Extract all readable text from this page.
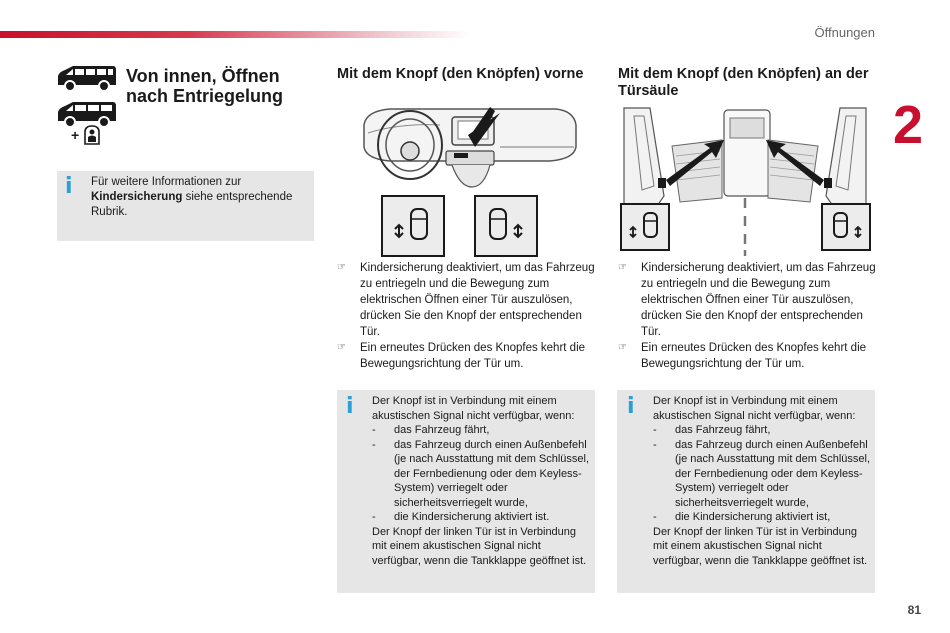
Öffnungen
2
81
+
Von innen, Öffnen nach Entriegelung
i Für weitere Informationen zur Kindersicherung siehe entsprechende Rubrik.
Mit dem Knopf (den Knöpfen) vorne
☞ Kindersicherung deaktiviert, um das Fahrzeug zu entriegeln und die Bewegung zum elektrischen Öffnen einer Tür auszulösen, drücken Sie den Knopf der entsprechenden Tür.
☞ Ein erneutes Drücken des Knopfes kehrt die Bewegungsrichtung der Tür um.
i Der Knopf ist in Verbindung mit einem akustischen Signal nicht verfügbar, wenn:
- das Fahrzeug fährt,
- das Fahrzeug durch einen Außenbefehl (je nach Ausstattung mit dem Schlüssel, der Fernbedienung oder dem Keyless-System) verriegelt oder sicherheitsverriegelt wurde,
- die Kindersicherung aktiviert ist.
Der Knopf der linken Tür ist in Verbindung mit einem akustischen Signal nicht verfügbar, wenn die Tankklappe geöffnet ist.
Mit dem Knopf (den Knöpfen) an der Türsäule
☞ Kindersicherung deaktiviert, um das Fahrzeug zu entriegeln und die Bewegung zum elektrischen Öffnen einer Tür auszulösen, drücken Sie den Knopf der entsprechenden Tür.
☞ Ein erneutes Drücken des Knopfes kehrt die Bewegungsrichtung der Tür um.
i Der Knopf ist in Verbindung mit einem akustischen Signal nicht verfügbar, wenn:
- das Fahrzeug fährt,
- das Fahrzeug durch einen Außenbefehl (je nach Ausstattung mit dem Schlüssel, der Fernbedienung oder dem Keyless-System) verriegelt oder sicherheitsverriegelt wurde,
- die Kindersicherung aktiviert ist,
Der Knopf der linken Tür ist in Verbindung mit einem akustischen Signal nicht verfügbar, wenn die Tankklappe geöffnet ist.
